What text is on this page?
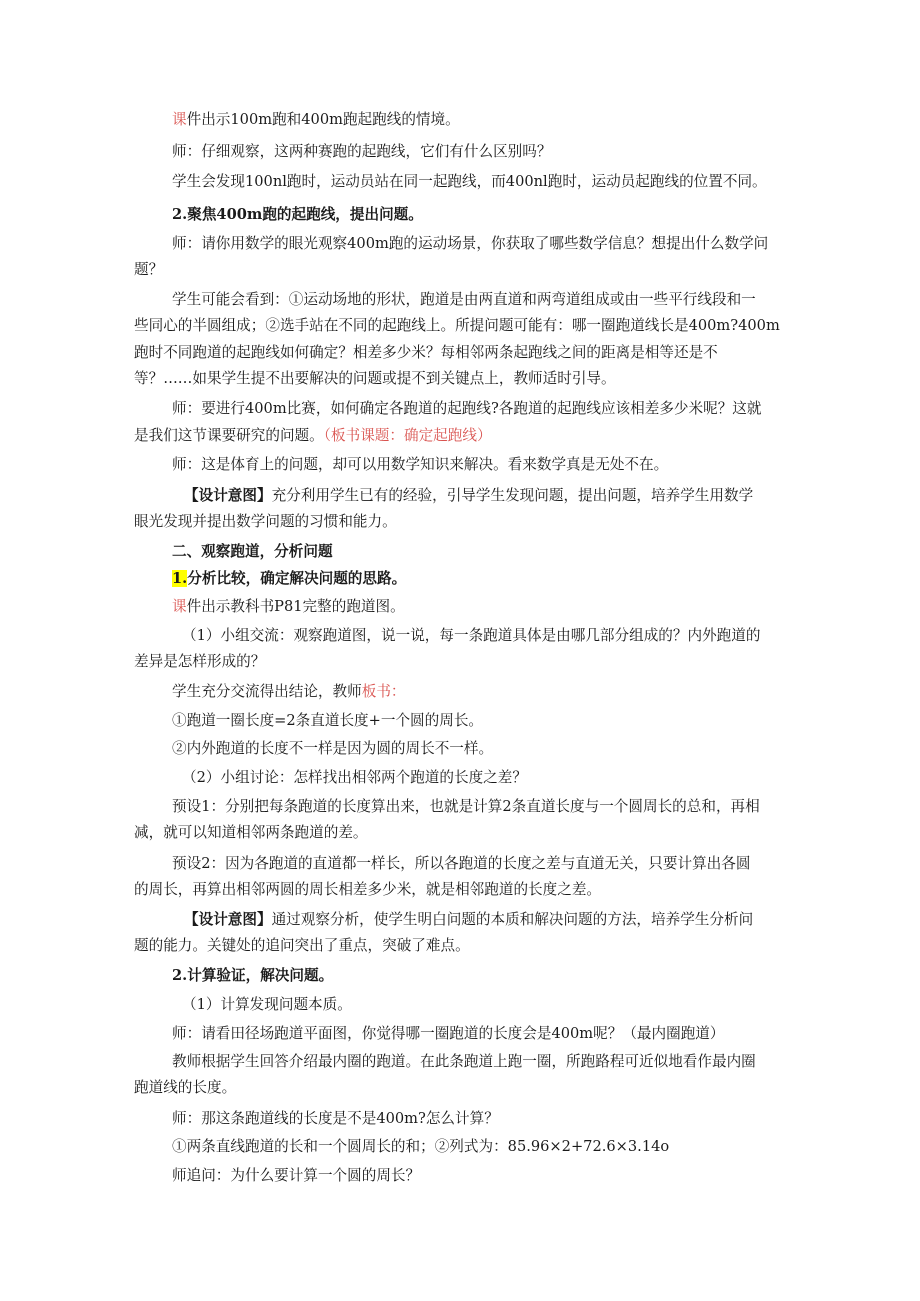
课件出示100m跑和400m跑起跑线的情境。
师：仔细观察，这两种赛跑的起跑线，它们有什么区别吗？
学生会发现100nl跑时，运动员站在同一起跑线，而400nl跑时，运动员起跑线的位置不同。
2.聚焦400m跑的起跑线，提出问题。
师：请你用数学的眼光观察400m跑的运动场景，你获取了哪些数学信息？想提出什么数学问
题？
学生可能会看到：①运动场地的形状，跑道是由两直道和两弯道组成或由一些平行线段和一
些同心的半圆组成；②选手站在不同的起跑线上。所提问题可能有：哪一圈跑道线长是400m?400m
跑时不同跑道的起跑线如何确定？相差多少米？每相邻两条起跑线之间的距离是相等还是不
等？……如果学生提不出要解决的问题或提不到关键点上，教师适时引导。
师：要进行400m比赛，如何确定各跑道的起跑线?各跑道的起跑线应该相差多少米呢？这就
是我们这节课要研究的问题。（板书课题：确定起跑线）
师：这是体育上的问题，却可以用数学知识来解决。看来数学真是无处不在。
【设计意图】充分利用学生已有的经验，引导学生发现问题，提出问题，培养学生用数学
眼光发现并提出数学问题的习惯和能力。
二、观察跑道，分析问题
1.分析比较，确定解决问题的思路。
课件出示教科书P81完整的跑道图。
（1）小组交流：观察跑道图，说一说，每一条跑道具体是由哪几部分组成的？内外跑道的
差异是怎样形成的？
学生充分交流得出结论，教师板书：
①跑道一圈长度=2条直道长度+一个圆的周长。
②内外跑道的长度不一样是因为圆的周长不一样。
（2）小组讨论：怎样找出相邻两个跑道的长度之差？
预设1：分别把每条跑道的长度算出来，也就是计算2条直道长度与一个圆周长的总和，再相
减，就可以知道相邻两条跑道的差。
预设2：因为各跑道的直道都一样长，所以各跑道的长度之差与直道无关，只要计算出各圆
的周长，再算出相邻两圆的周长相差多少米，就是相邻跑道的长度之差。
【设计意图】通过观察分析，使学生明白问题的本质和解决问题的方法，培养学生分析问
题的能力。关键处的追问突出了重点，突破了难点。
2.计算验证，解决问题。
（1）计算发现问题本质。
师：请看田径场跑道平面图，你觉得哪一圈跑道的长度会是400m呢？（最内圈跑道）
教师根据学生回答介绍最内圈的跑道。在此条跑道上跑一圈，所跑路程可近似地看作最内圈
跑道线的长度。
师：那这条跑道线的长度是不是400m?怎么计算？
①两条直线跑道的长和一个圆周长的和；②列式为：85.96×2+72.6×3.14o
师追问：为什么要计算一个圆的周长？
